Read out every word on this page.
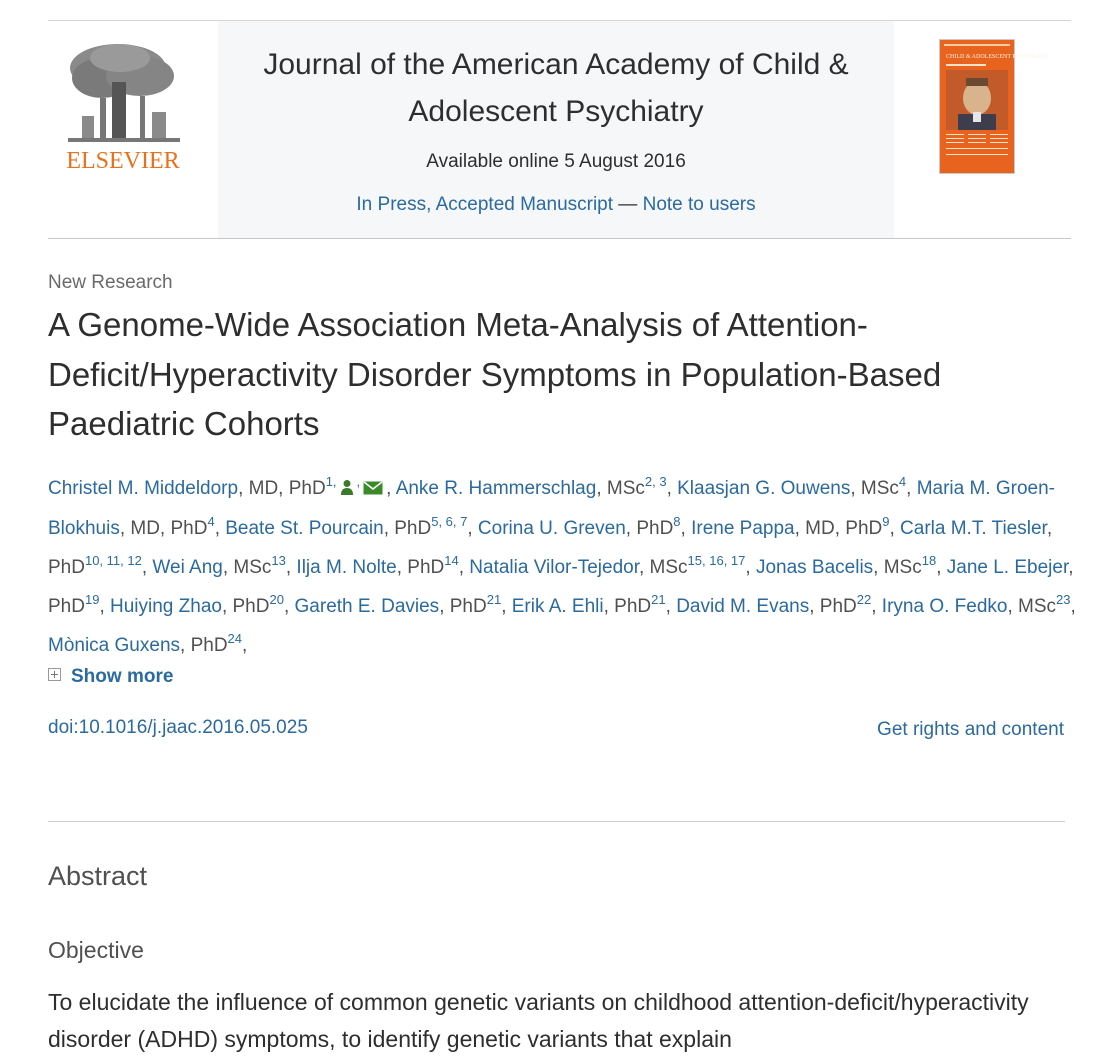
ELSEVIER
Journal of the American Academy of Child & Adolescent Psychiatry
Available online 5 August 2016
In Press, Accepted Manuscript — Note to users
CHILD & ADOLESCENT PSYCHIATRY
New Research
A Genome-Wide Association Meta-Analysis of Attention-Deficit/Hyperactivity Disorder Symptoms in Population-Based Paediatric Cohorts
Christel M. Middeldorp, MD, PhD$^{1,}$ , , Anke R. Hammerschlag, MSc$^{2, 3}$, Klaasjan G. Ouwens, MSc$^4$, Maria M. Groen-Blokhuis, MD, PhD$^4$, Beate St. Pourcain, PhD$^{5, 6, 7}$, Corina U. Greven, PhD$^8$, Irene Pappa, MD, PhD$^9$, Carla M.T. Tiesler, PhD$^{10, 11, 12}$, Wei Ang, MSc$^{13}$, Ilja M. Nolte, PhD$^{14}$, Natalia Vilor-Tejedor, MSc$^{15, 16, 17}$, Jonas Bacelis, MSc$^{18}$, Jane L. Ebejer, PhD$^{19}$, Huiying Zhao, PhD$^{20}$, Gareth E. Davies, PhD$^{21}$, Erik A. Ehli, PhD$^{21}$, David M. Evans, PhD$^{22}$, Iryna O. Fedko, MSc$^{23}$, Mònica Guxens, PhD$^{24}$,
Show more
doi:10.1016/j.jaac.2016.05.025	Get rights and content
Abstract
Objective

To elucidate the influence of common genetic variants on childhood attention-deficit/hyperactivity disorder (ADHD) symptoms, to identify genetic variants that explain
